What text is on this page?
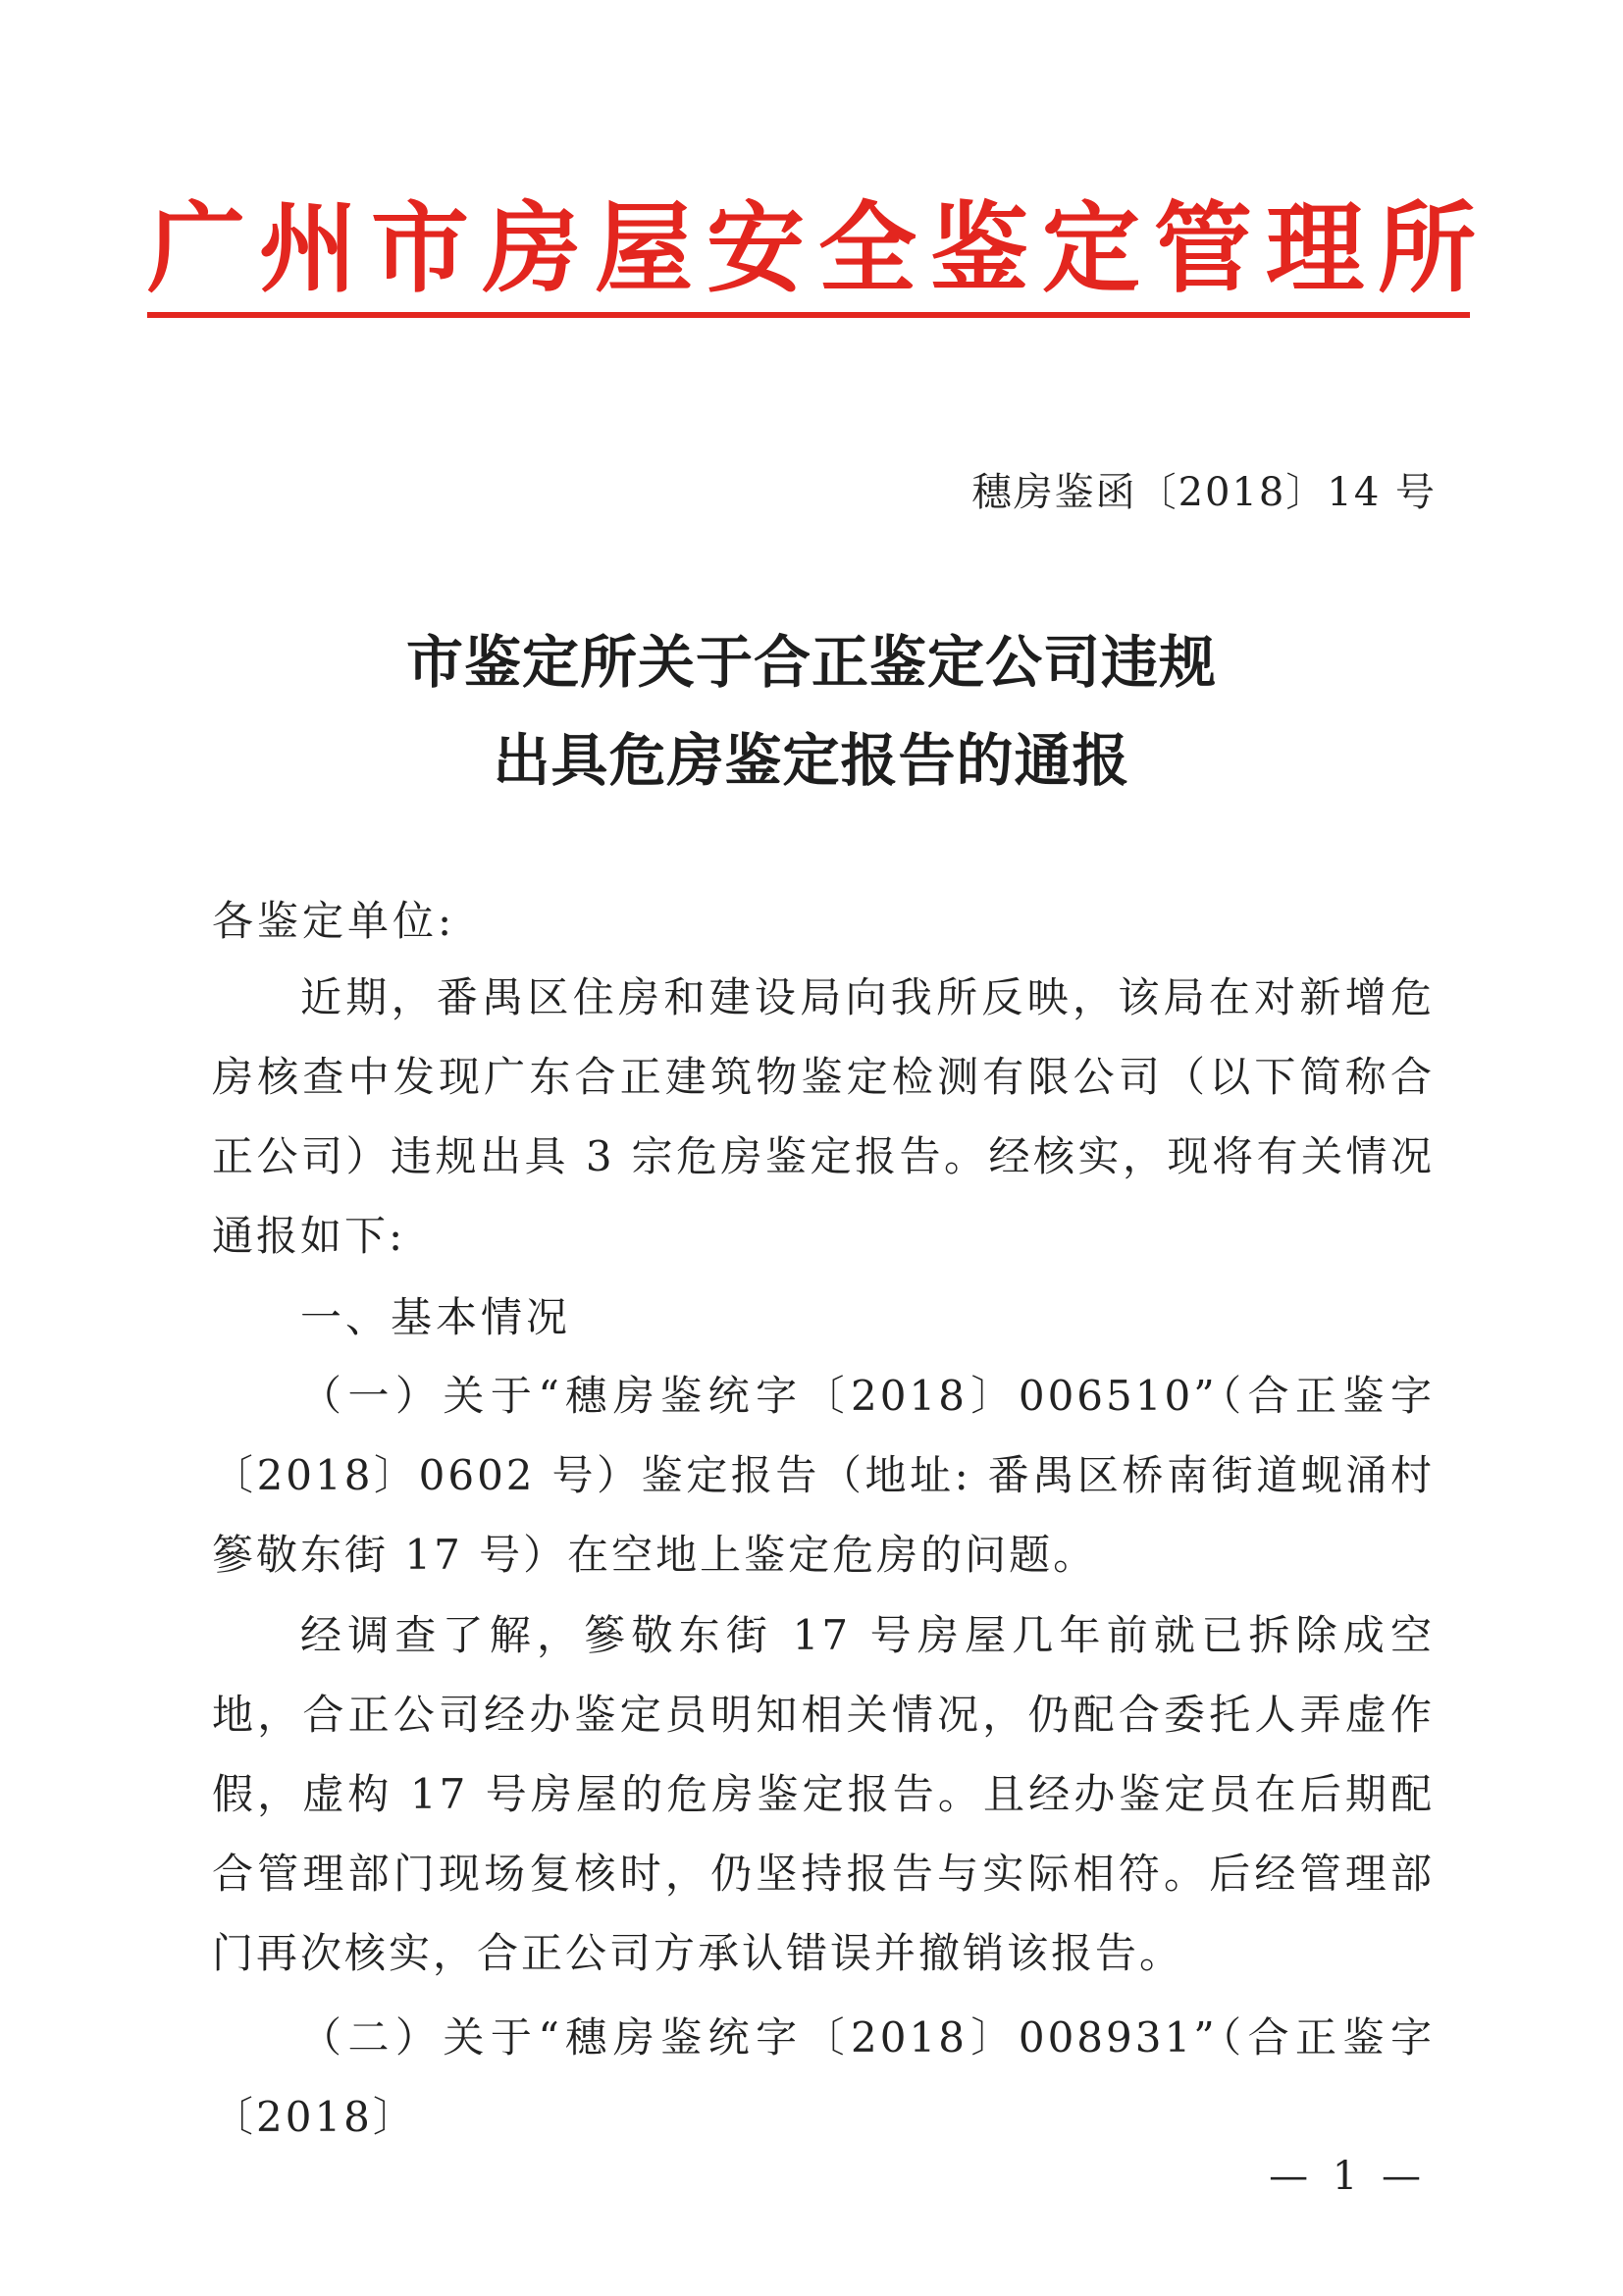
广 州 市 房 屋 安 全 鉴 定 管 理 所
穗房鉴函〔2018〕14 号
市鉴定所关于合正鉴定公司违规
出具危房鉴定报告的通报
各鉴定单位:

近期，番禺区住房和建设局向我所反映，该局在对新增危房核查中发现广东合正建筑物鉴定检测有限公司（以下简称合正公司）违规出具 3 宗危房鉴定报告。经核实，现将有关情况通报如下:

一、基本情况

（一）关于“穗房鉴统字〔2018〕006510”（合正鉴字〔2018〕0602 号）鉴定报告（地址: 番禺区桥南街道蚬涌村篸敬东街 17 号）在空地上鉴定危房的问题。

经调查了解，篸敬东街 17 号房屋几年前就已拆除成空地，合正公司经办鉴定员明知相关情况，仍配合委托人弄虚作假，虚构 17 号房屋的危房鉴定报告。且经办鉴定员在后期配合管理部门现场复核时，仍坚持报告与实际相符。后经管理部门再次核实，合正公司方承认错误并撤销该报告。

（二）关于“穗房鉴统字〔2018〕008931”（合正鉴字〔2018〕

— 1 —
